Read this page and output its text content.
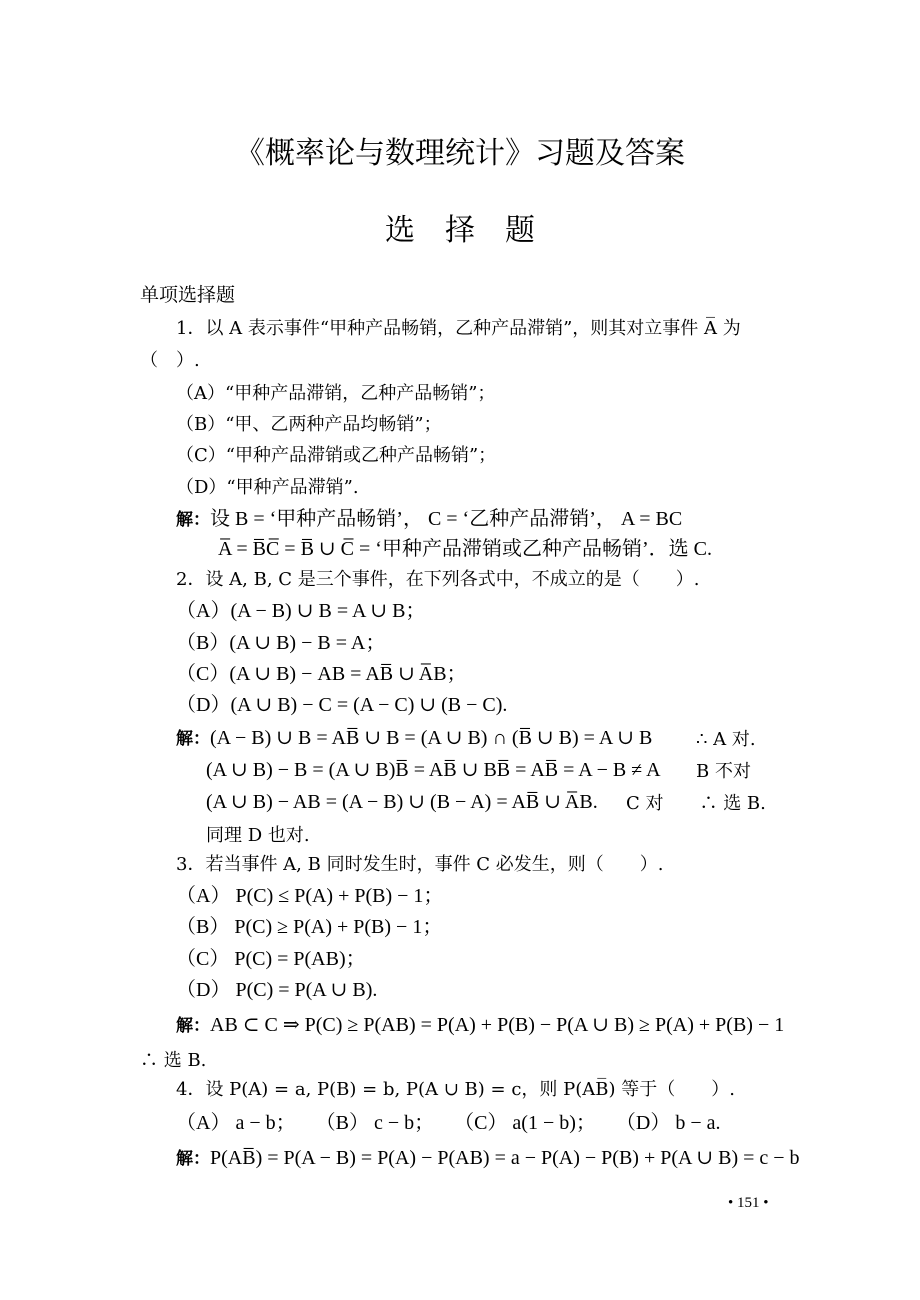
《概率论与数理统计》习题及答案
选择题
单项选择题
1．以 A 表示事件“甲种产品畅销，乙种产品滞销”，则其对立事件 A̅ 为
（　）.
（A）“甲种产品滞销，乙种产品畅销”；
（B）“甲、乙两种产品均畅销”；
（C）“甲种产品滞销或乙种产品畅销”；
（D）“甲种产品滞销”.
解：设 B = ‘甲种产品畅销’， C = ‘乙种产品滞销’， A = BC
A̅ = B̅C̅ = B̅ ∪ C̅ = ‘甲种产品滞销或乙种产品畅销’．选 C.
2．设 A, B, C 是三个事件，在下列各式中，不成立的是（　　）.
（A）(A − B) ∪ B = A ∪ B；
（B）(A ∪ B) − B = A；
（C）(A ∪ B) − AB = AB̅ ∪ A̅B；
（D）(A ∪ B) − C = (A − C) ∪ (B − C).
解：(A − B) ∪ B = AB̅ ∪ B = (A ∪ B) ∩ (B̅ ∪ B) = A ∪ B ∴ A 对.
(A ∪ B) − B = (A ∪ B)B̅ = AB̅ ∪ BB̅ = AB̅ = A − B ≠ A B 不对
(A ∪ B) − AB = (A − B) ∪ (B − A) = AB̅ ∪ A̅B. C 对　　∴ 选 B.
同理 D 也对.
3．若当事件 A, B 同时发生时，事件 C 必发生，则（　　）.
（A） P(C) ≤ P(A) + P(B) − 1；
（B） P(C) ≥ P(A) + P(B) − 1；
（C） P(C) = P(AB)；
（D） P(C) = P(A ∪ B).
解：AB ⊂ C ⇒ P(C) ≥ P(AB) = P(A) + P(B) − P(A ∪ B) ≥ P(A) + P(B) − 1
∴ 选 B.
4．设 P(A) = a, P(B) = b, P(A ∪ B) = c，则 P(AB̅) 等于（　　）.
（A） a − b；　　（B） c − b；　　（C） a(1 − b)；　　（D） b − a.
解：P(AB̅) = P(A − B) = P(A) − P(AB) = a − P(A) − P(B) + P(A ∪ B) = c − b
• 151 •
